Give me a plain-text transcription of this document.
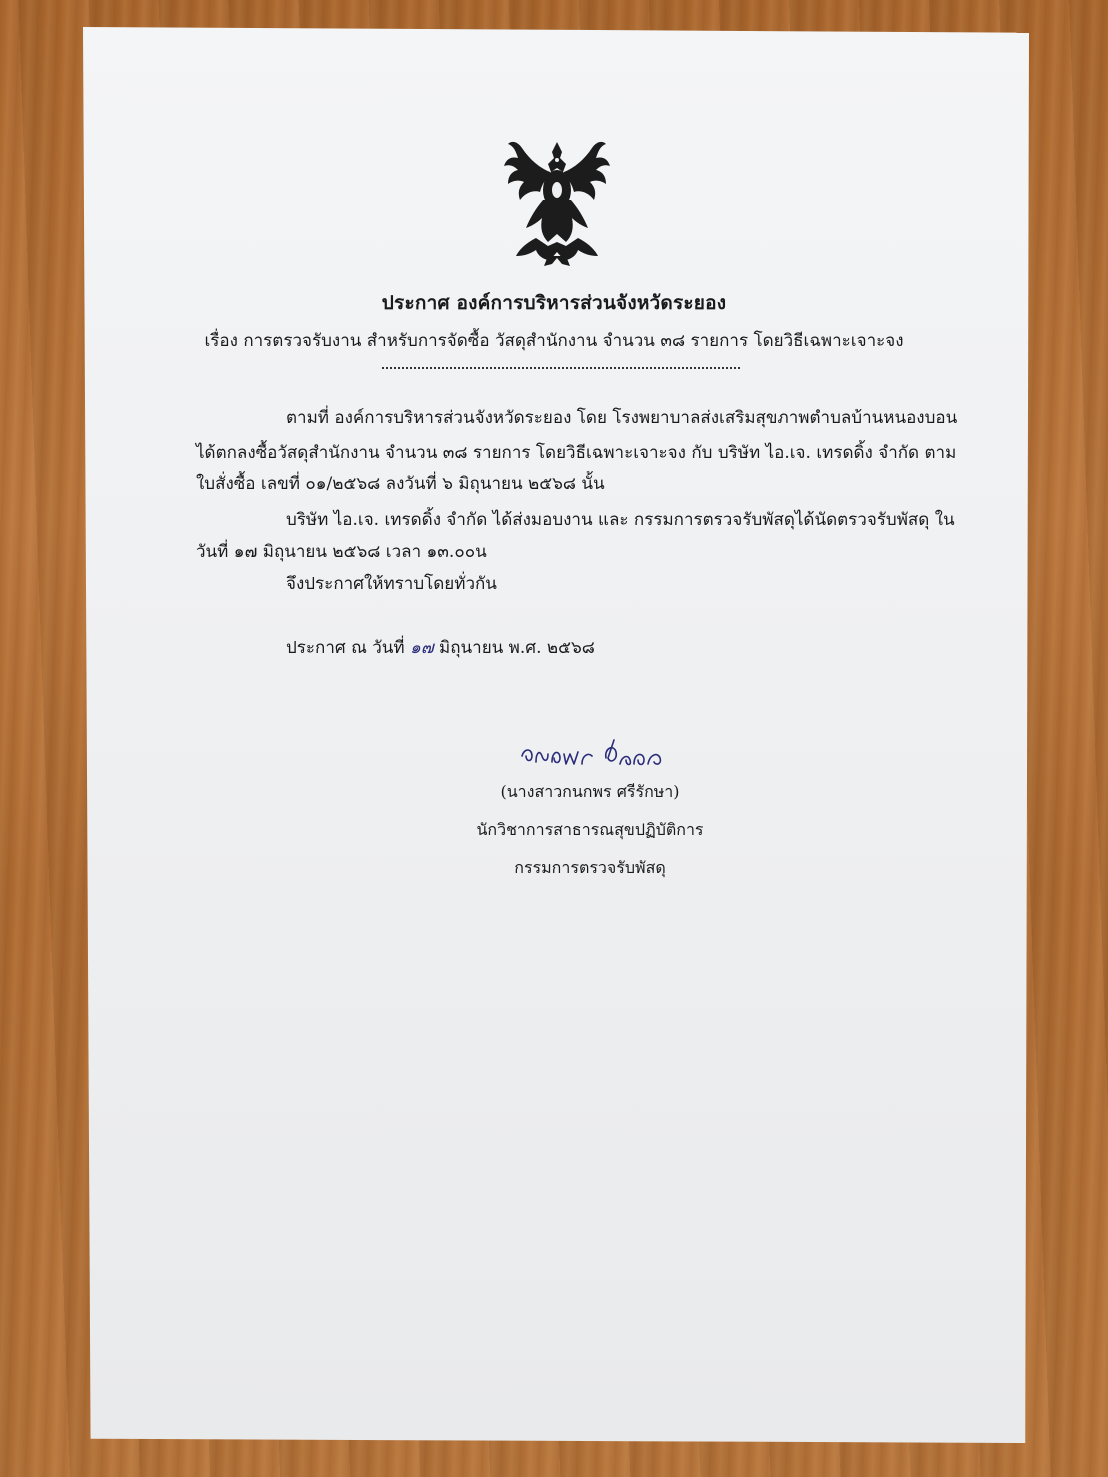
ประกาศ องค์การบริหารส่วนจังหวัดระยอง
เรื่อง การตรวจรับงาน สำหรับการจัดซื้อ วัสดุสำนักงาน จำนวน ๓๘ รายการ โดยวิธีเฉพาะเจาะจง
ตามที่ องค์การบริหารส่วนจังหวัดระยอง โดย โรงพยาบาลส่งเสริมสุขภาพตำบลบ้านหนองบอน
ได้ตกลงซื้อวัสดุสำนักงาน จำนวน ๓๘ รายการ โดยวิธีเฉพาะเจาะจง กับ บริษัท ไอ.เจ. เทรดดิ้ง จำกัด ตาม
ใบสั่งซื้อ เลขที่ ๐๑/๒๕๖๘ ลงวันที่ ๖ มิถุนายน ๒๕๖๘ นั้น
บริษัท ไอ.เจ. เทรดดิ้ง จำกัด ได้ส่งมอบงาน และ กรรมการตรวจรับพัสดุได้นัดตรวจรับพัสดุ ใน
วันที่ ๑๗ มิถุนายน ๒๕๖๘ เวลา ๑๓.๐๐น
จึงประกาศให้ทราบโดยทั่วกัน
ประกาศ ณ วันที่ ๑๗ มิถุนายน พ.ศ. ๒๕๖๘
(นางสาวกนกพร ศรีรักษา)
นักวิชาการสาธารณสุขปฏิบัติการ
กรรมการตรวจรับพัสดุ
